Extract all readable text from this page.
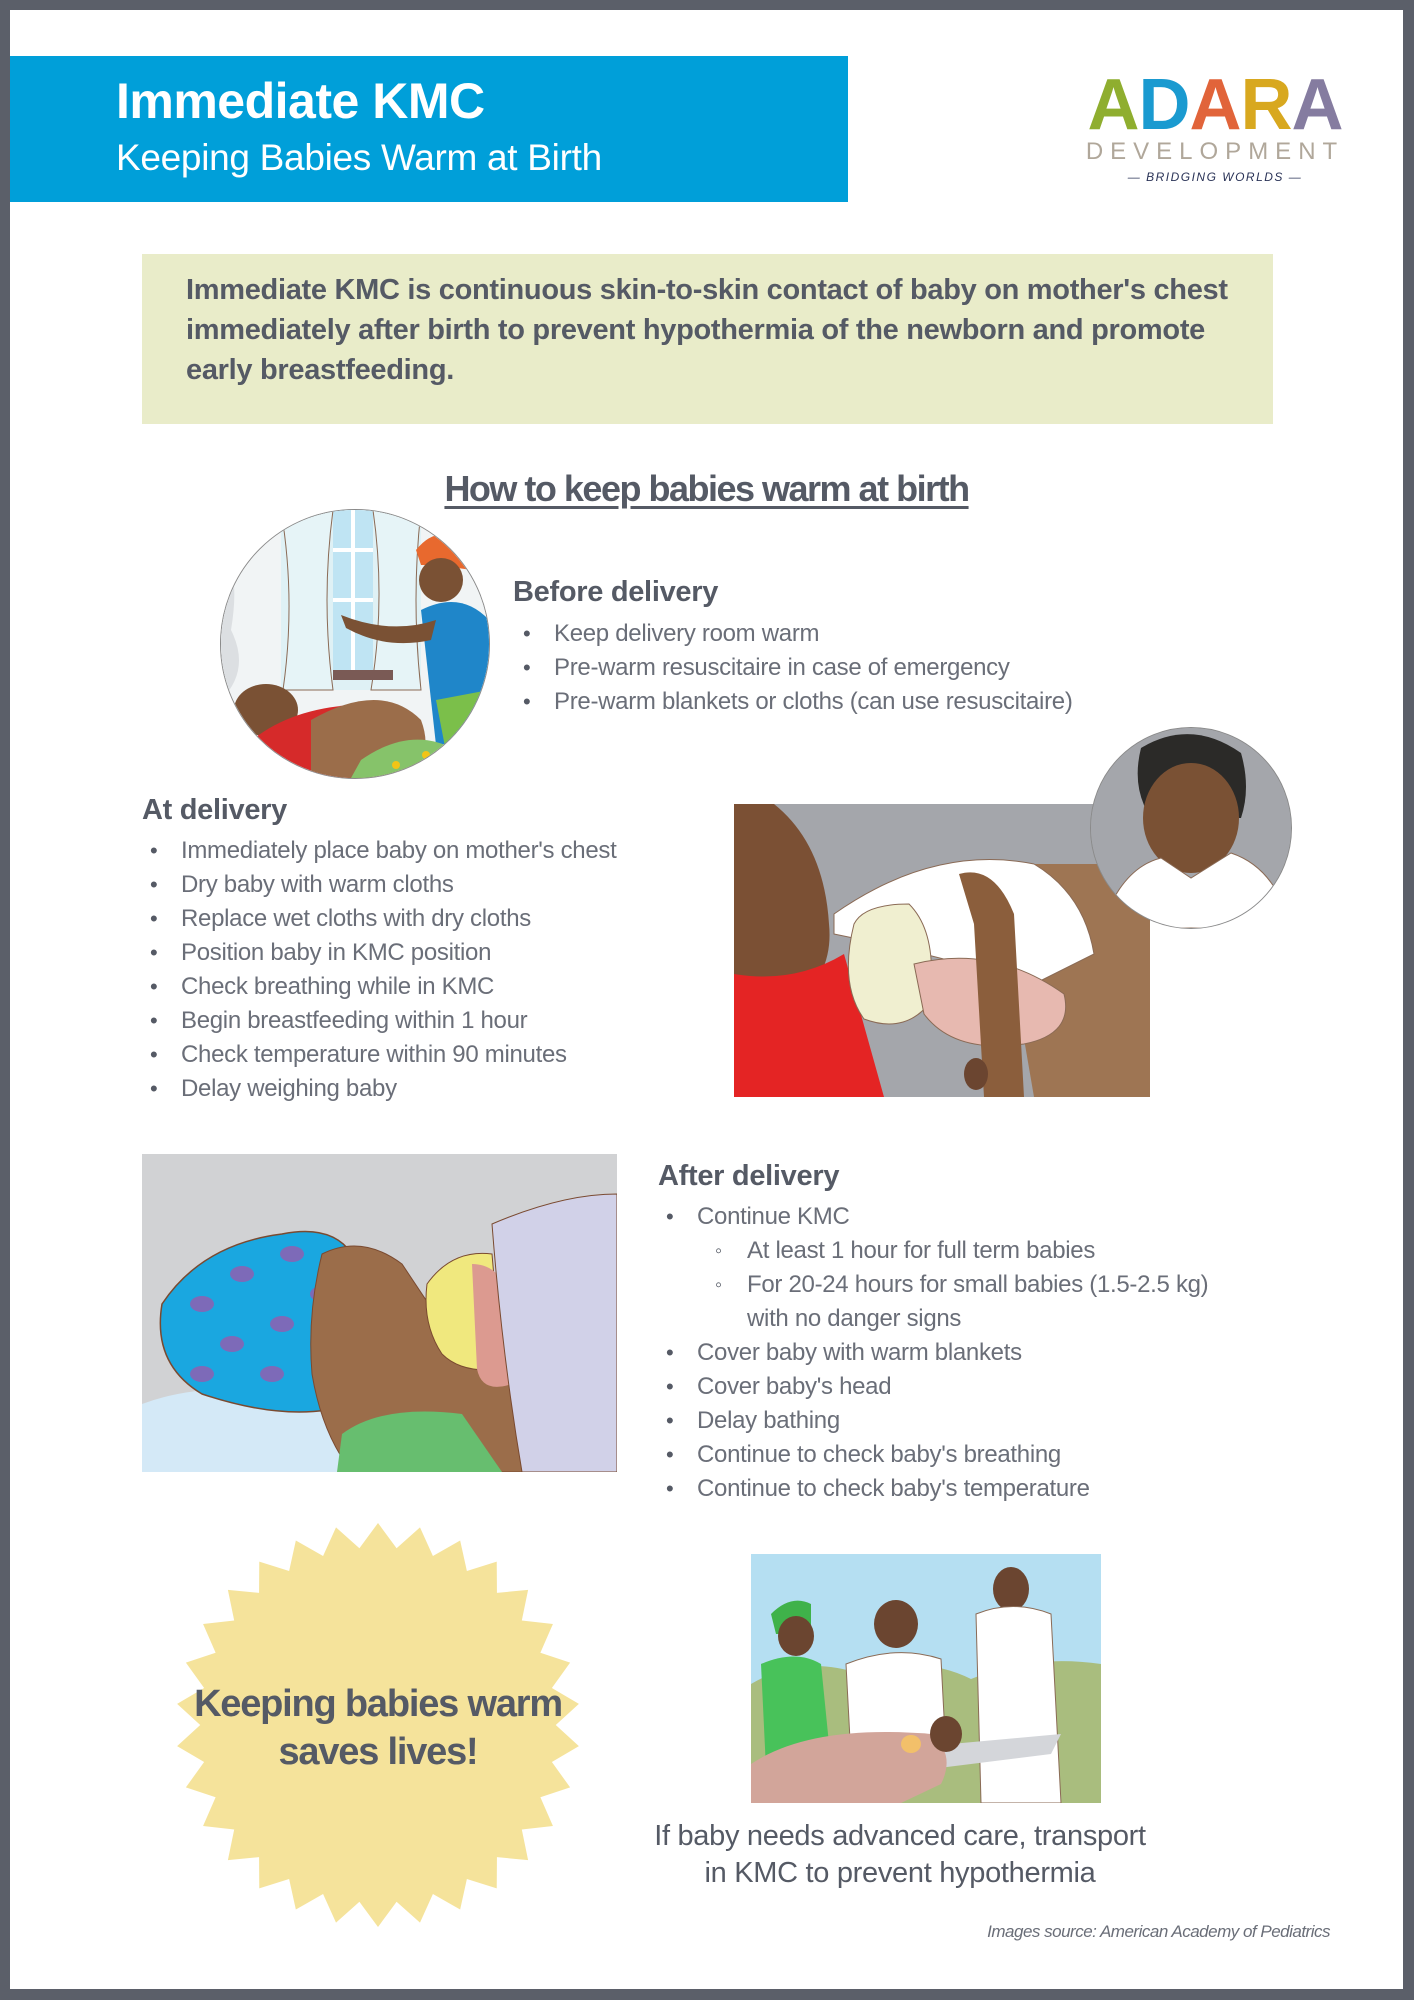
Immediate KMC
Keeping Babies Warm at Birth
A D A R A
DEVELOPMENT
— BRIDGING WORLDS —

Immediate KMC is continuous skin-to-skin contact of baby on mother's chest immediately after birth to prevent hypothermia of the newborn and promote early breastfeeding.

How to keep babies warm at birth
Before delivery
• Keep delivery room warm
• Pre-warm resuscitaire in case of emergency
• Pre-warm blankets or cloths (can use resuscitaire)
At delivery
• Immediately place baby on mother's chest
• Dry baby with warm cloths
• Replace wet cloths with dry cloths
• Position baby in KMC position
• Check breathing while in KMC
• Begin breastfeeding within 1 hour
• Check temperature within 90 minutes
• Delay weighing baby
After delivery
• Continue KMC
◦ At least 1 hour for full term babies
◦ For 20-24 hours for small babies (1.5-2.5 kg)
with no danger signs
• Cover baby with warm blankets
• Cover baby's head
• Delay bathing
• Continue to check baby's breathing
• Continue to check baby's temperature
Keeping babies warm
saves lives!
If baby needs advanced care, transport
in KMC to prevent hypothermia
Images source: American Academy of Pediatrics
